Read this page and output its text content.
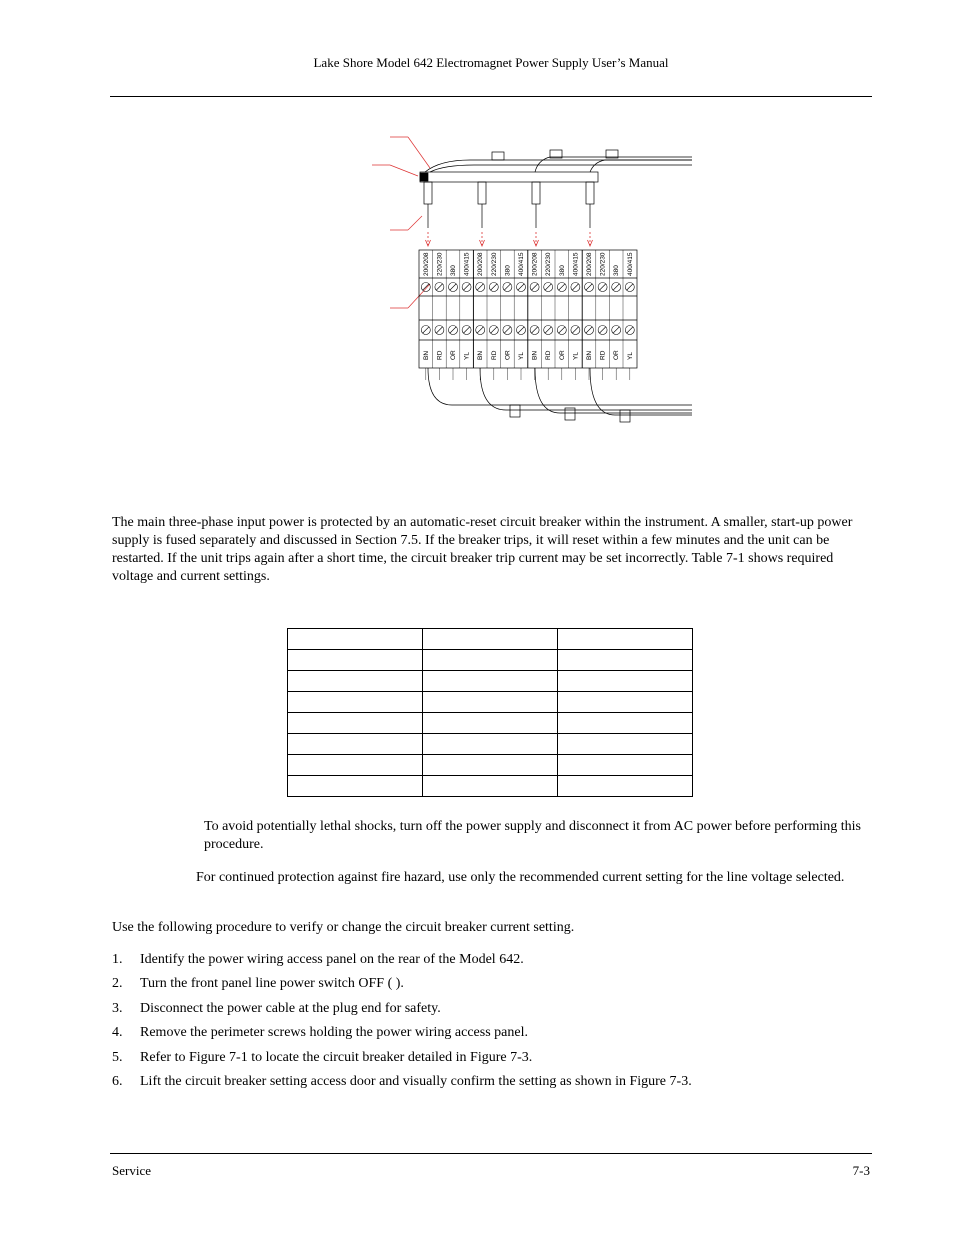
Lake Shore Model 642 Electromagnet Power Supply User’s Manual
200/208
BN
220/230
RD
380
OR
400/415
YL
200/208
BN
220/230
RD
380
OR
400/415
YL
200/208
BN
220/230
RD
380
OR
400/415
YL
200/208
BN
220/230
RD
380
OR
400/415
YL
The main three-phase input power is protected by an automatic-reset circuit breaker within the instrument. A smaller, start-up power supply is fused separately and discussed in Section 7.5. If the breaker trips, it will reset within a few minutes and the unit can be restarted. If the unit trips again after a short time, the circuit breaker trip current may be set incorrectly. Table 7-1 shows required voltage and current settings.

To avoid potentially lethal shocks, turn off the power supply and disconnect it from AC power before performing this procedure.
For continued protection against fire hazard, use only the recommended current setting for the line voltage selected.
Use the following procedure to verify or change the circuit breaker current setting.
1.	Identify the power wiring access panel on the rear of the Model 642.
2.	Turn the front panel line power switch OFF ( ).
3.	Disconnect the power cable at the plug end for safety.
4.	Remove the perimeter screws holding the power wiring access panel.
5.	Refer to Figure 7-1 to locate the circuit breaker detailed in Figure 7-3.
6.	Lift the circuit breaker setting access door and visually confirm the setting as shown in Figure 7-3.
Service	7-3
